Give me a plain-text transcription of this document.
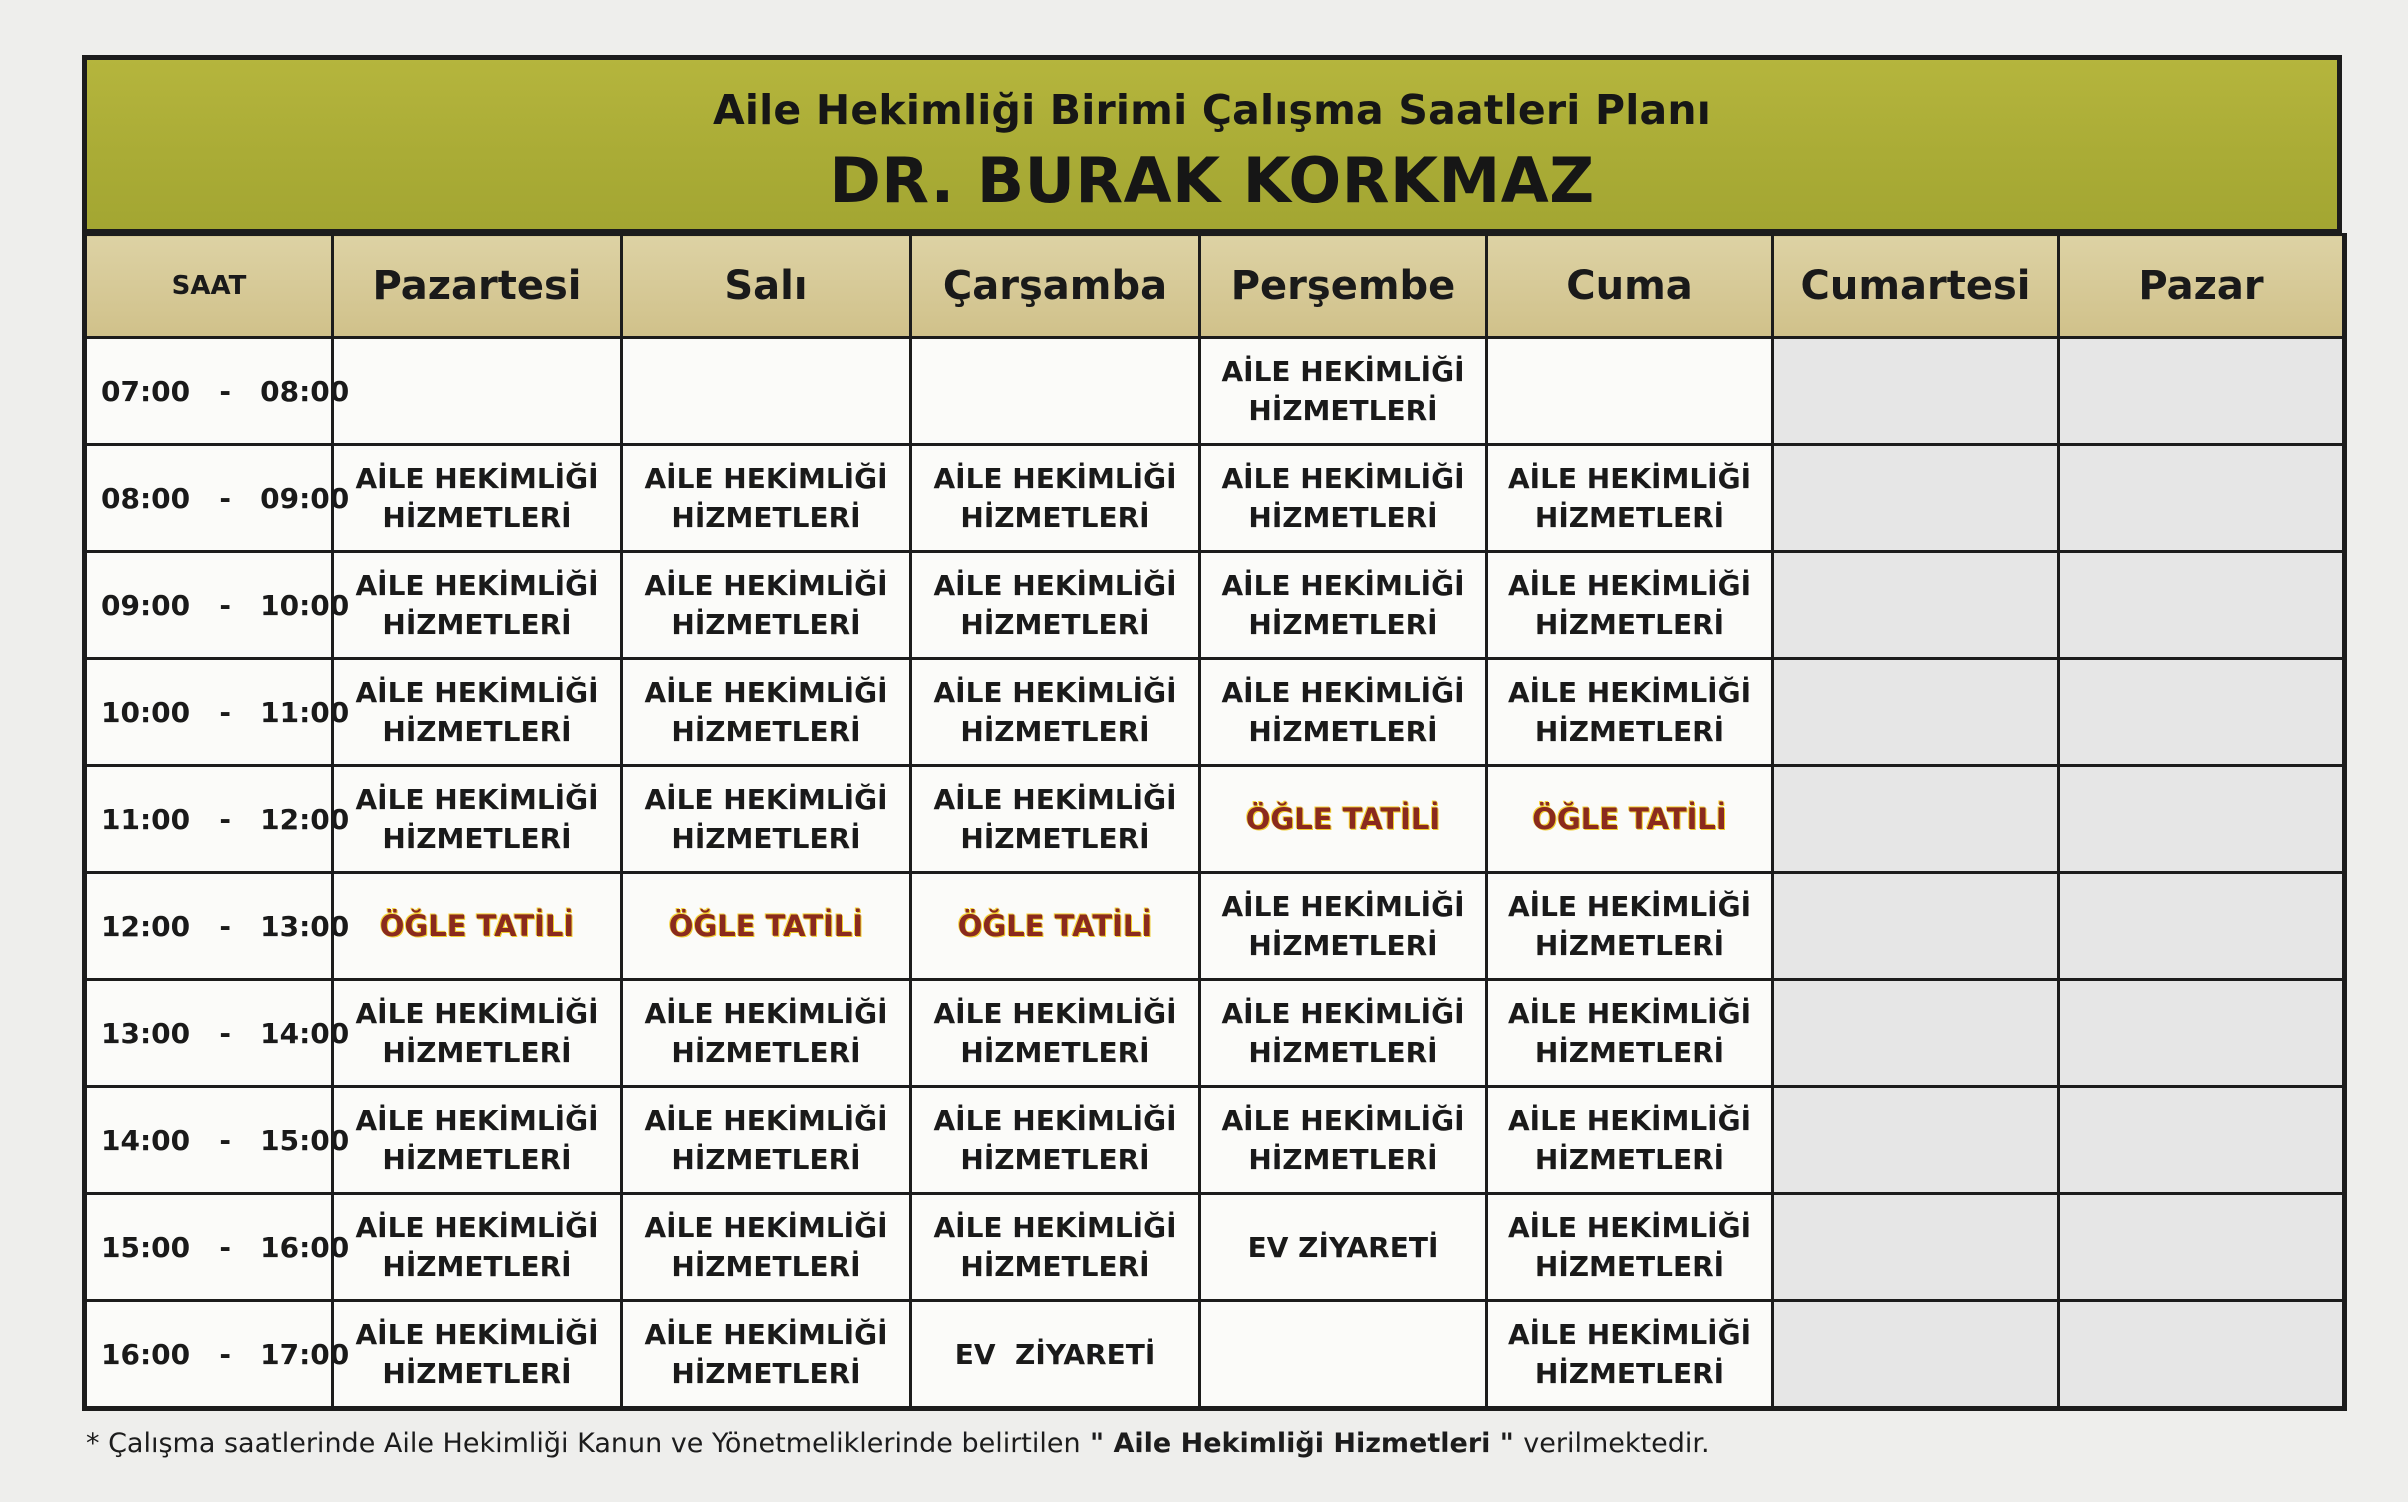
Aile Hekimliği Birimi Çalışma Saatleri Planı
DR. BURAK KORKMAZ
SAAT	Pazartesi	Salı	Çarşamba	Perşembe	Cuma	Cumartesi	Pazar
07:00 - 08:00				AİLE HEKİMLİĞİ
HİZMETLERİ			
08:00 - 09:00	AİLE HEKİMLİĞİ
HİZMETLERİ	AİLE HEKİMLİĞİ
HİZMETLERİ	AİLE HEKİMLİĞİ
HİZMETLERİ	AİLE HEKİMLİĞİ
HİZMETLERİ	AİLE HEKİMLİĞİ
HİZMETLERİ		
09:00 - 10:00	AİLE HEKİMLİĞİ
HİZMETLERİ	AİLE HEKİMLİĞİ
HİZMETLERİ	AİLE HEKİMLİĞİ
HİZMETLERİ	AİLE HEKİMLİĞİ
HİZMETLERİ	AİLE HEKİMLİĞİ
HİZMETLERİ		
10:00 - 11:00	AİLE HEKİMLİĞİ
HİZMETLERİ	AİLE HEKİMLİĞİ
HİZMETLERİ	AİLE HEKİMLİĞİ
HİZMETLERİ	AİLE HEKİMLİĞİ
HİZMETLERİ	AİLE HEKİMLİĞİ
HİZMETLERİ		
11:00 - 12:00	AİLE HEKİMLİĞİ
HİZMETLERİ	AİLE HEKİMLİĞİ
HİZMETLERİ	AİLE HEKİMLİĞİ
HİZMETLERİ	ÖĞLE TATİLİ	ÖĞLE TATİLİ		
12:00 - 13:00	ÖĞLE TATİLİ	ÖĞLE TATİLİ	ÖĞLE TATİLİ	AİLE HEKİMLİĞİ
HİZMETLERİ	AİLE HEKİMLİĞİ
HİZMETLERİ		
13:00 - 14:00	AİLE HEKİMLİĞİ
HİZMETLERİ	AİLE HEKİMLİĞİ
HİZMETLERİ	AİLE HEKİMLİĞİ
HİZMETLERİ	AİLE HEKİMLİĞİ
HİZMETLERİ	AİLE HEKİMLİĞİ
HİZMETLERİ		
14:00 - 15:00	AİLE HEKİMLİĞİ
HİZMETLERİ	AİLE HEKİMLİĞİ
HİZMETLERİ	AİLE HEKİMLİĞİ
HİZMETLERİ	AİLE HEKİMLİĞİ
HİZMETLERİ	AİLE HEKİMLİĞİ
HİZMETLERİ		
15:00 - 16:00	AİLE HEKİMLİĞİ
HİZMETLERİ	AİLE HEKİMLİĞİ
HİZMETLERİ	AİLE HEKİMLİĞİ
HİZMETLERİ	EV ZİYARETİ	AİLE HEKİMLİĞİ
HİZMETLERİ		
16:00 - 17:00	AİLE HEKİMLİĞİ
HİZMETLERİ	AİLE HEKİMLİĞİ
HİZMETLERİ	EV  ZİYARETİ		AİLE HEKİMLİĞİ
HİZMETLERİ		
* Çalışma saatlerinde Aile Hekimliği Kanun ve Yönetmeliklerinde belirtilen " Aile Hekimliği Hizmetleri " verilmektedir.
